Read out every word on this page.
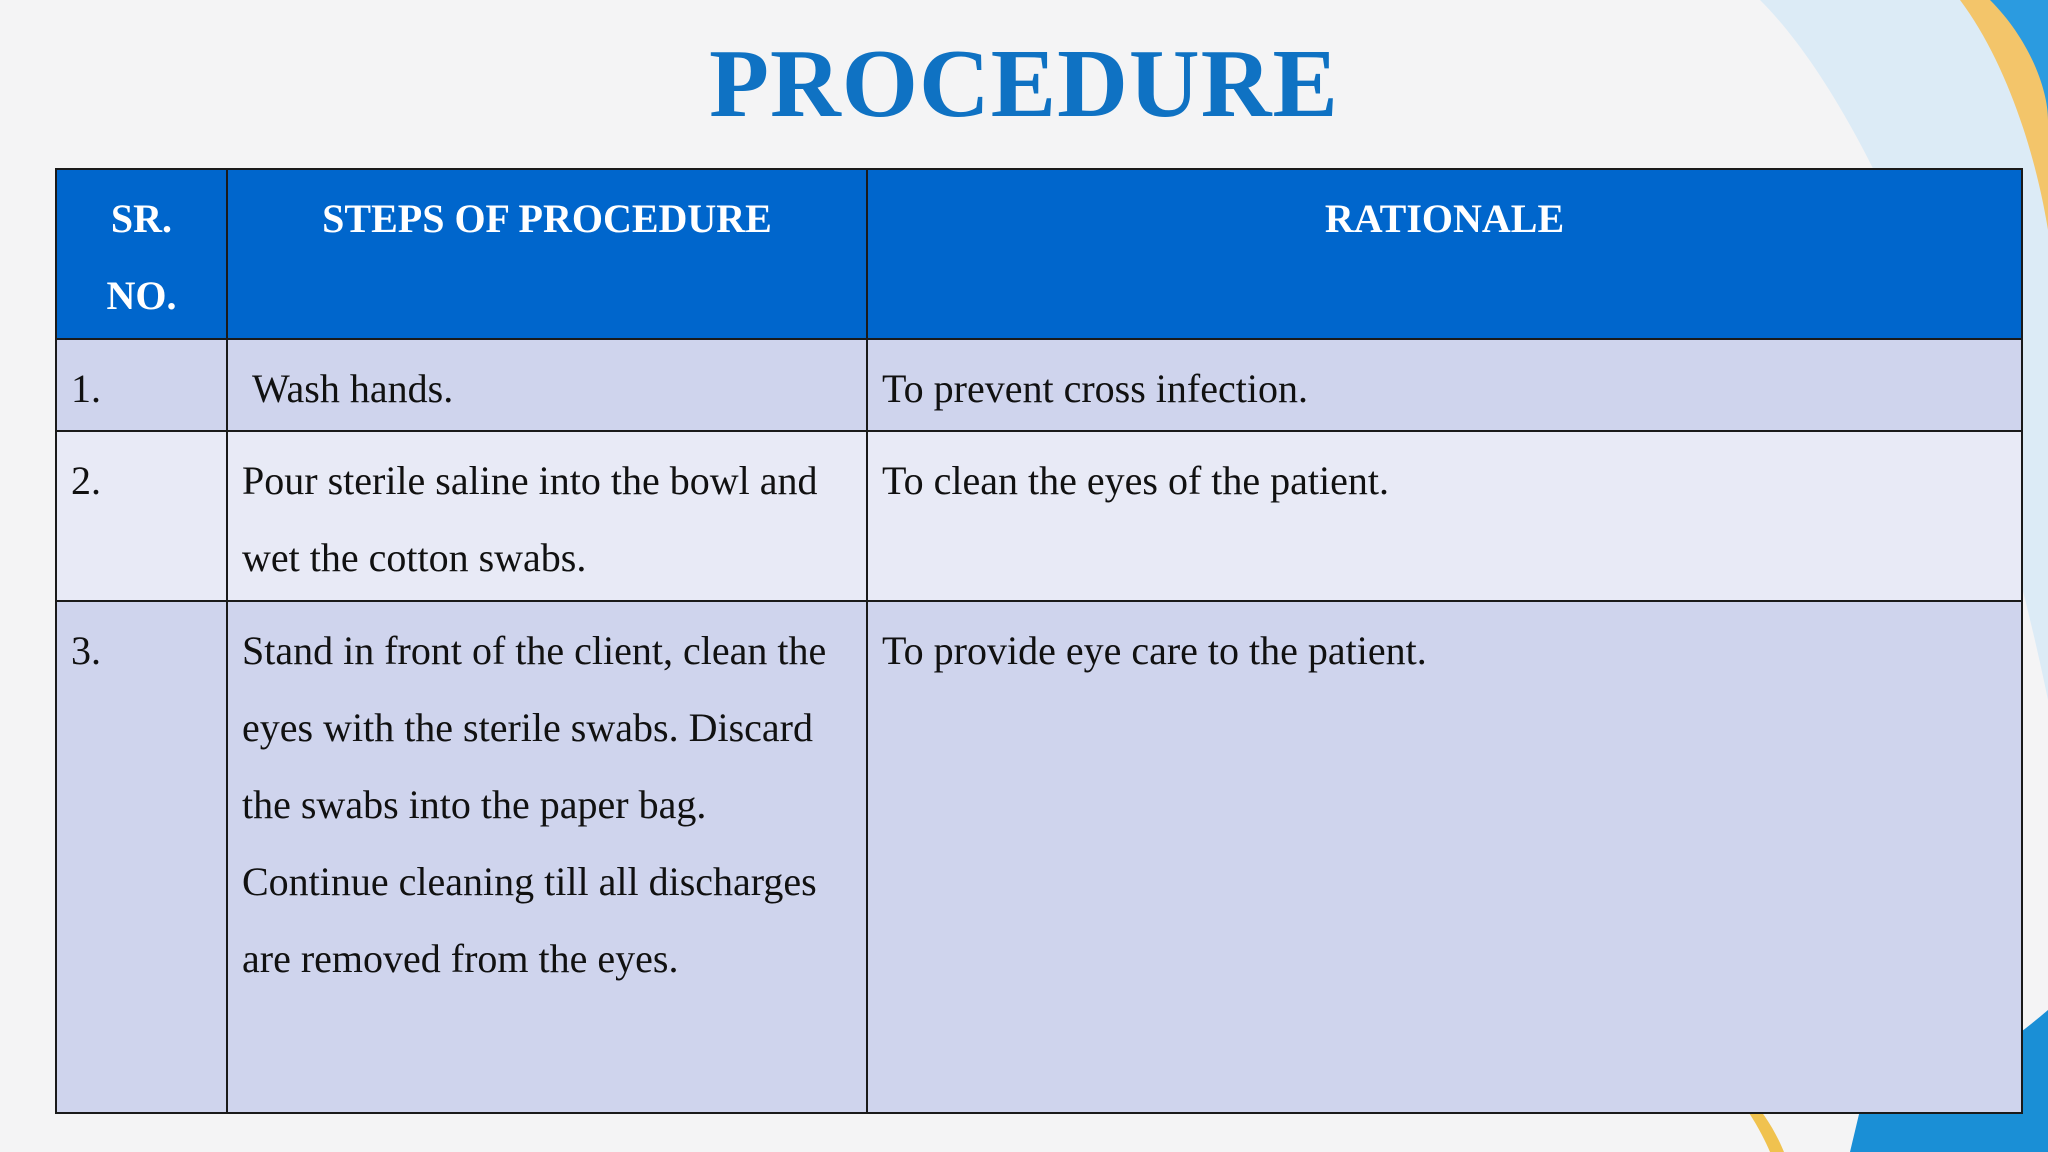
PROCEDURE
SR.
NO.	STEPS OF PROCEDURE	RATIONALE
1.	Wash hands.	To prevent cross infection.
2.	Pour sterile saline into the bowl and wet the cotton swabs.	To clean the eyes of the patient.
3.	Stand in front of the client, clean the eyes with the sterile swabs. Discard the swabs into the paper bag. Continue cleaning till all discharges are removed from the eyes.	To provide eye care to the patient.
